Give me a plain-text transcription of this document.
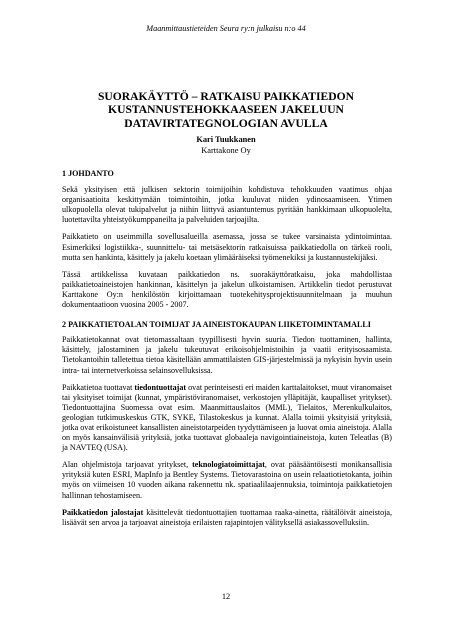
Maanmittaustieteiden Seura ry:n julkaisu n:o 44
SUORAKÄYTTÖ – RATKAISU PAIKKATIEDON
KUSTANNUSTEHOKKAASEEN JAKELUUN
DATAVIRTATEGNOLOGIAN AVULLA
Kari Tuukkanen
Karttakone Oy
1 JOHDANTO

Sekä yksityisen että julkisen sektorin toimijoihin kohdistuva tehokkuuden vaatimus ohjaa organisaatioita keskittymään toimintoihin, jotka kuuluvat niiden ydinosaamiseen. Ytimen ulkopuolella olevat tukipalvelut ja niihin liittyvä asiantuntemus pyritään hankkimaan ulkopuolelta, luotettavilta yhteistyökumppaneilta ja palveluiden tarjoajilta.

Paikkatieto on useimmilla sovellusalueilla asemassa, jossa se tukee varsinaista ydintoimintaa. Esimerkiksi logistiikka-, suunnittelu- tai metsäsektorin ratkaisuissa paikkatiedolla on tärkeä rooli, mutta sen hankinta, käsittely ja jakelu koetaan ylimääräiseksi työmenekiksi ja kustannustekijäksi.

Tässä artikkelissa kuvataan paikkatiedon ns. suorakäyttöratkaisu, joka mahdollistaa paikkatietoaineistojen hankinnan, käsittelyn ja jakelun ulkoistamisen. Artikkelin tiedot perustuvat Karttakone Oy:n henkilöstön kirjoittamaan tuotekehitysprojektisuunnitelmaan ja muuhun dokumentaatioon vuosina 2005 - 2007.

2 PAIKKATIETOALAN TOIMIJAT JA AINEISTOKAUPAN LIIKETOIMINTAMALLI

Paikkatietokannat ovat tietomassaltaan tyypillisesti hyvin suuria. Tiedon tuottaminen, hallinta, käsittely, jalostaminen ja jakelu tukeutuvat erikoisohjelmistoihin ja vaatii erityisosaamista. Tietokantoihin talletettua tietoa käsitellään ammattilaisten GIS-järjestelmissä ja nykyisin hyvin usein intra- tai internetverkoissa selainsovelluksissa.

Paikkatietoa tuottavat tiedontuottajat ovat perinteisesti eri maiden karttalaitokset, muut viranomaiset tai yksityiset toimijat (kunnat, ympäristöviranomaiset, verkostojen ylläpitäjät, kaupalliset yritykset). Tiedontuottajina Suomessa ovat esim. Maanmittauslaitos (MML), Tielaitos, Merenkulkulaitos, geologian tutkimuskeskus GTK, SYKE, Tilastokeskus ja kunnat. Alalla toimii yksityisiä yrityksiä, jotka ovat erikoistuneet kansallisten aineistotarpeiden tyydyttämiseen ja luovat omia aineistoja. Alalla on myös kansainvälisiä yrityksiä, jotka tuottavat globaaleja navigointiaineistoja, kuten Teleatlas (B) ja NAVTEQ (USA).

Alan ohjelmistoja tarjoavat yritykset, teknologiatoimittajat, ovat pääsääntöisesti monikansallisia yrityksiä kuten ESRI, MapInfo ja Bentley Systems. Tietovarastoina on usein relaatiotietokanta, joihin myös on viimeisen 10 vuoden aikana rakennettu nk. spatiaalilaajennuksia, toimintoja paikkatietojen hallinnan tehostamiseen.

Paikkatiedon jalostajat käsittelevät tiedontuottajien tuottamaa raaka-ainetta, räätälöivät aineistoja, lisäävät sen arvoa ja tarjoavat aineistoja erilaisten rajapintojen välityksellä asiakassovelluksiin.

12
